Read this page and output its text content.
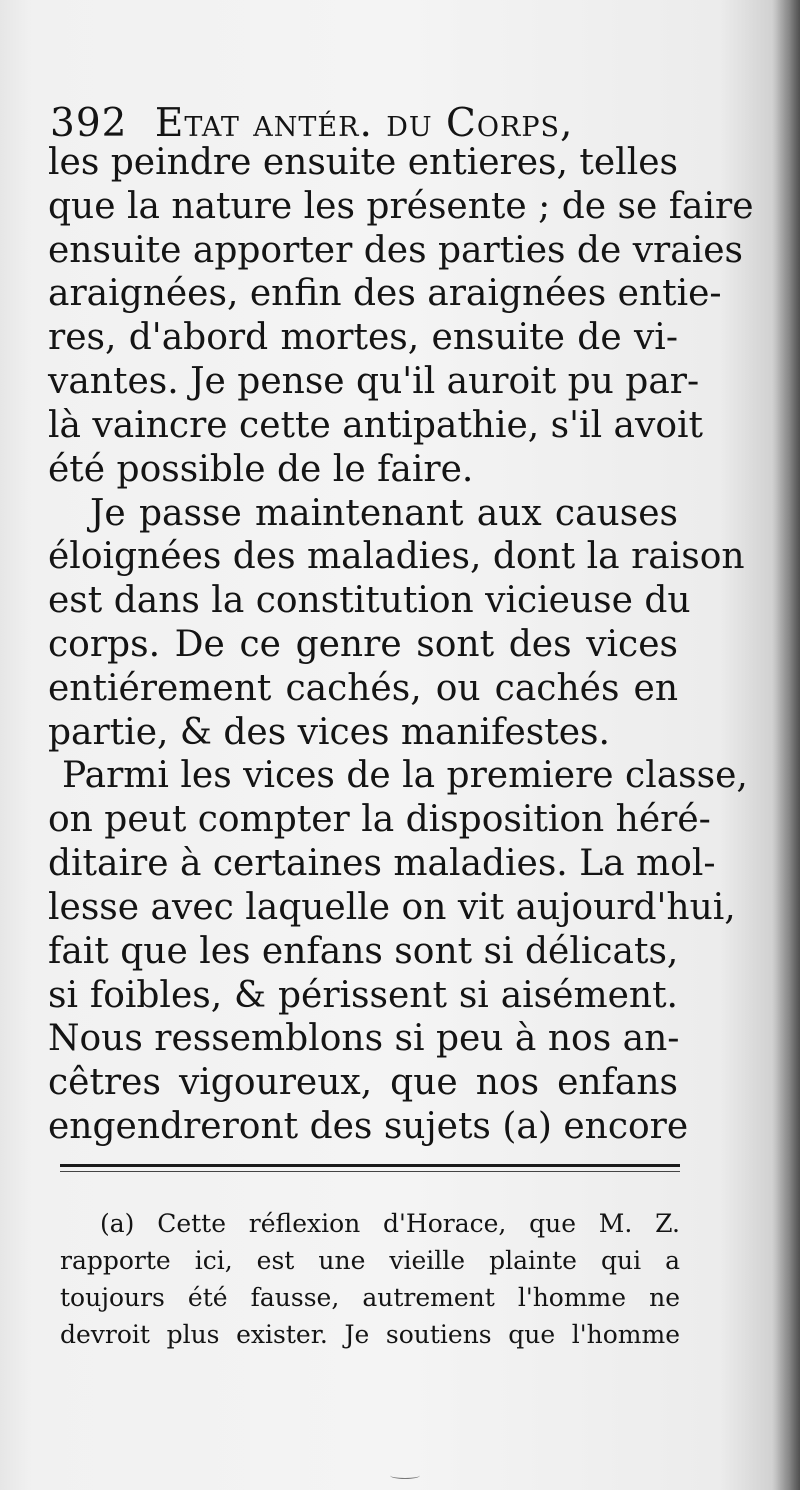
392 Etat antér. du Corps,
les peindre ensuite entieres, telles
que la nature les présente ; de se faire
ensuite apporter des parties de vraies
araignées, enfin des araignées entie-
res, d'abord mortes, ensuite de vi-
vantes. Je pense qu'il auroit pu par-
là vaincre cette antipathie, s'il avoit
été possible de le faire.
Je passe maintenant aux causes
éloignées des maladies, dont la raison
est dans la constitution vicieuse du
corps. De ce genre sont des vices
entiérement cachés, ou cachés en
partie, & des vices manifestes.
Parmi les vices de la premiere classe,
on peut compter la disposition héré-
ditaire à certaines maladies. La mol-
lesse avec laquelle on vit aujourd'hui,
fait que les enfans sont si délicats,
si foibles, & périssent si aisément.
Nous ressemblons si peu à nos an-
cêtres vigoureux, que nos enfans
engendreront des sujets (a) encore
(a) Cette réflexion d'Horace, que M. Z.
rapporte ici, est une vieille plainte qui a
toujours été fausse, autrement l'homme ne
devroit plus exister. Je soutiens que l'homme
